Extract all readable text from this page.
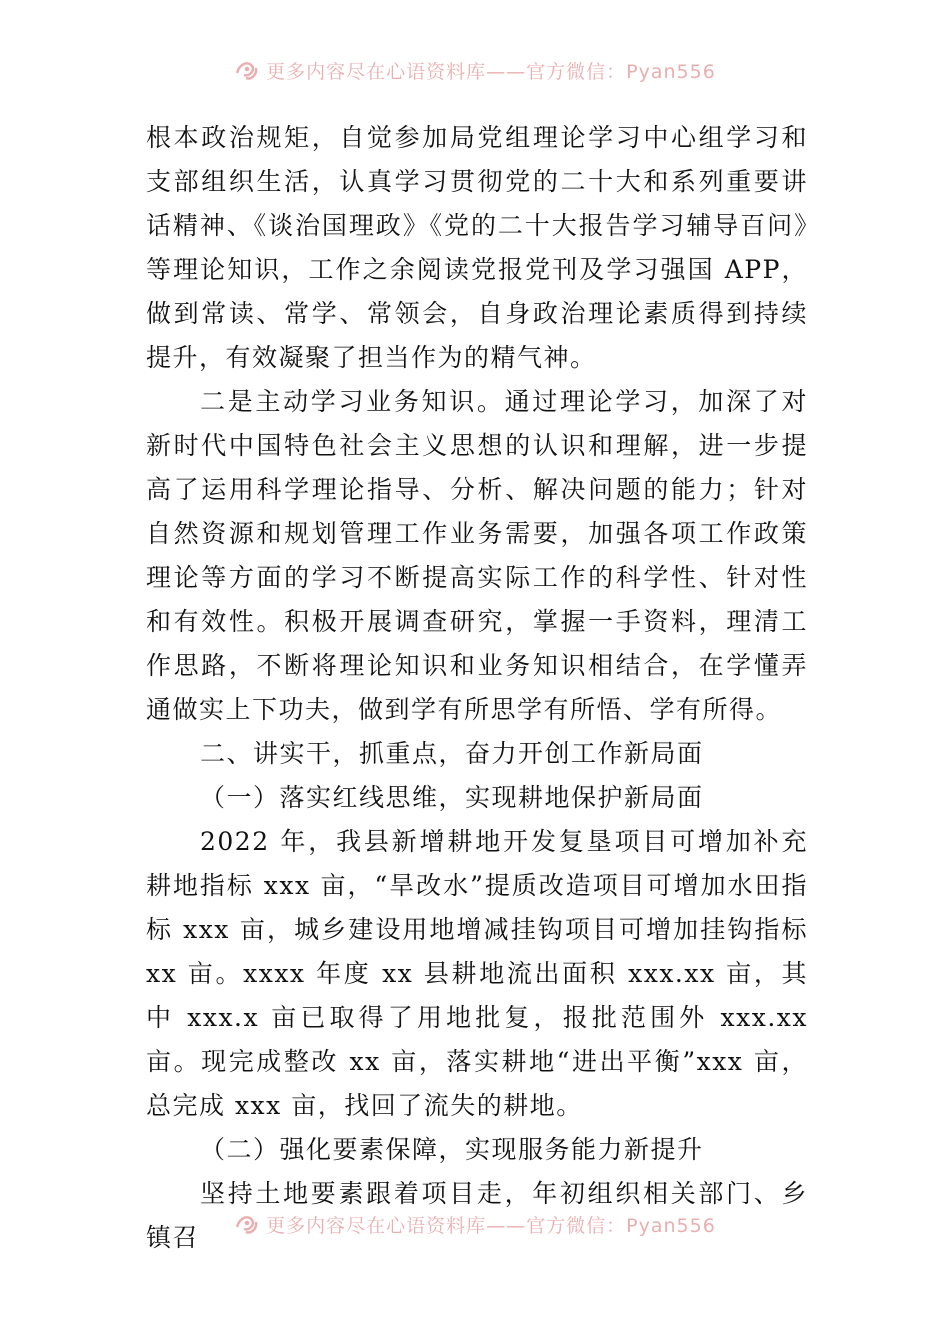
更多内容尽在心语资料库——官方微信：Pyan556

根本政治规矩，自觉参加局党组理论学习中心组学习和支部组织生活，认真学习贯彻党的二十大和系列重要讲话精神、《谈治国理政》《党的二十大报告学习辅导百问》等理论知识，工作之余阅读党报党刊及学习强国 APP，做到常读、常学、常领会，自身政治理论素质得到持续提升，有效凝聚了担当作为的精气神。

二是主动学习业务知识。通过理论学习，加深了对新时代中国特色社会主义思想的认识和理解，进一步提高了运用科学理论指导、分析、解决问题的能力；针对自然资源和规划管理工作业务需要，加强各项工作政策理论等方面的学习不断提高实际工作的科学性、针对性和有效性。积极开展调查研究，掌握一手资料，理清工作思路，不断将理论知识和业务知识相结合，在学懂弄通做实上下功夫，做到学有所思学有所悟、学有所得。

二、讲实干，抓重点，奋力开创工作新局面

（一）落实红线思维，实现耕地保护新局面

2022 年，我县新增耕地开发复垦项目可增加补充耕地指标 xxx 亩，“旱改水”提质改造项目可增加水田指标 xxx 亩，城乡建设用地增减挂钩项目可增加挂钩指标 xx 亩。xxxx 年度 xx 县耕地流出面积 xxx.xx 亩，其中 xxx.x 亩已取得了用地批复，报批范围外 xxx.xx 亩。现完成整改 xx 亩，落实耕地“进出平衡”xxx 亩，总完成 xxx 亩，找回了流失的耕地。

（二）强化要素保障，实现服务能力新提升

坚持土地要素跟着项目走，年初组织相关部门、乡镇召	更多内容尽在心语资料库——官方微信：Pyan556
